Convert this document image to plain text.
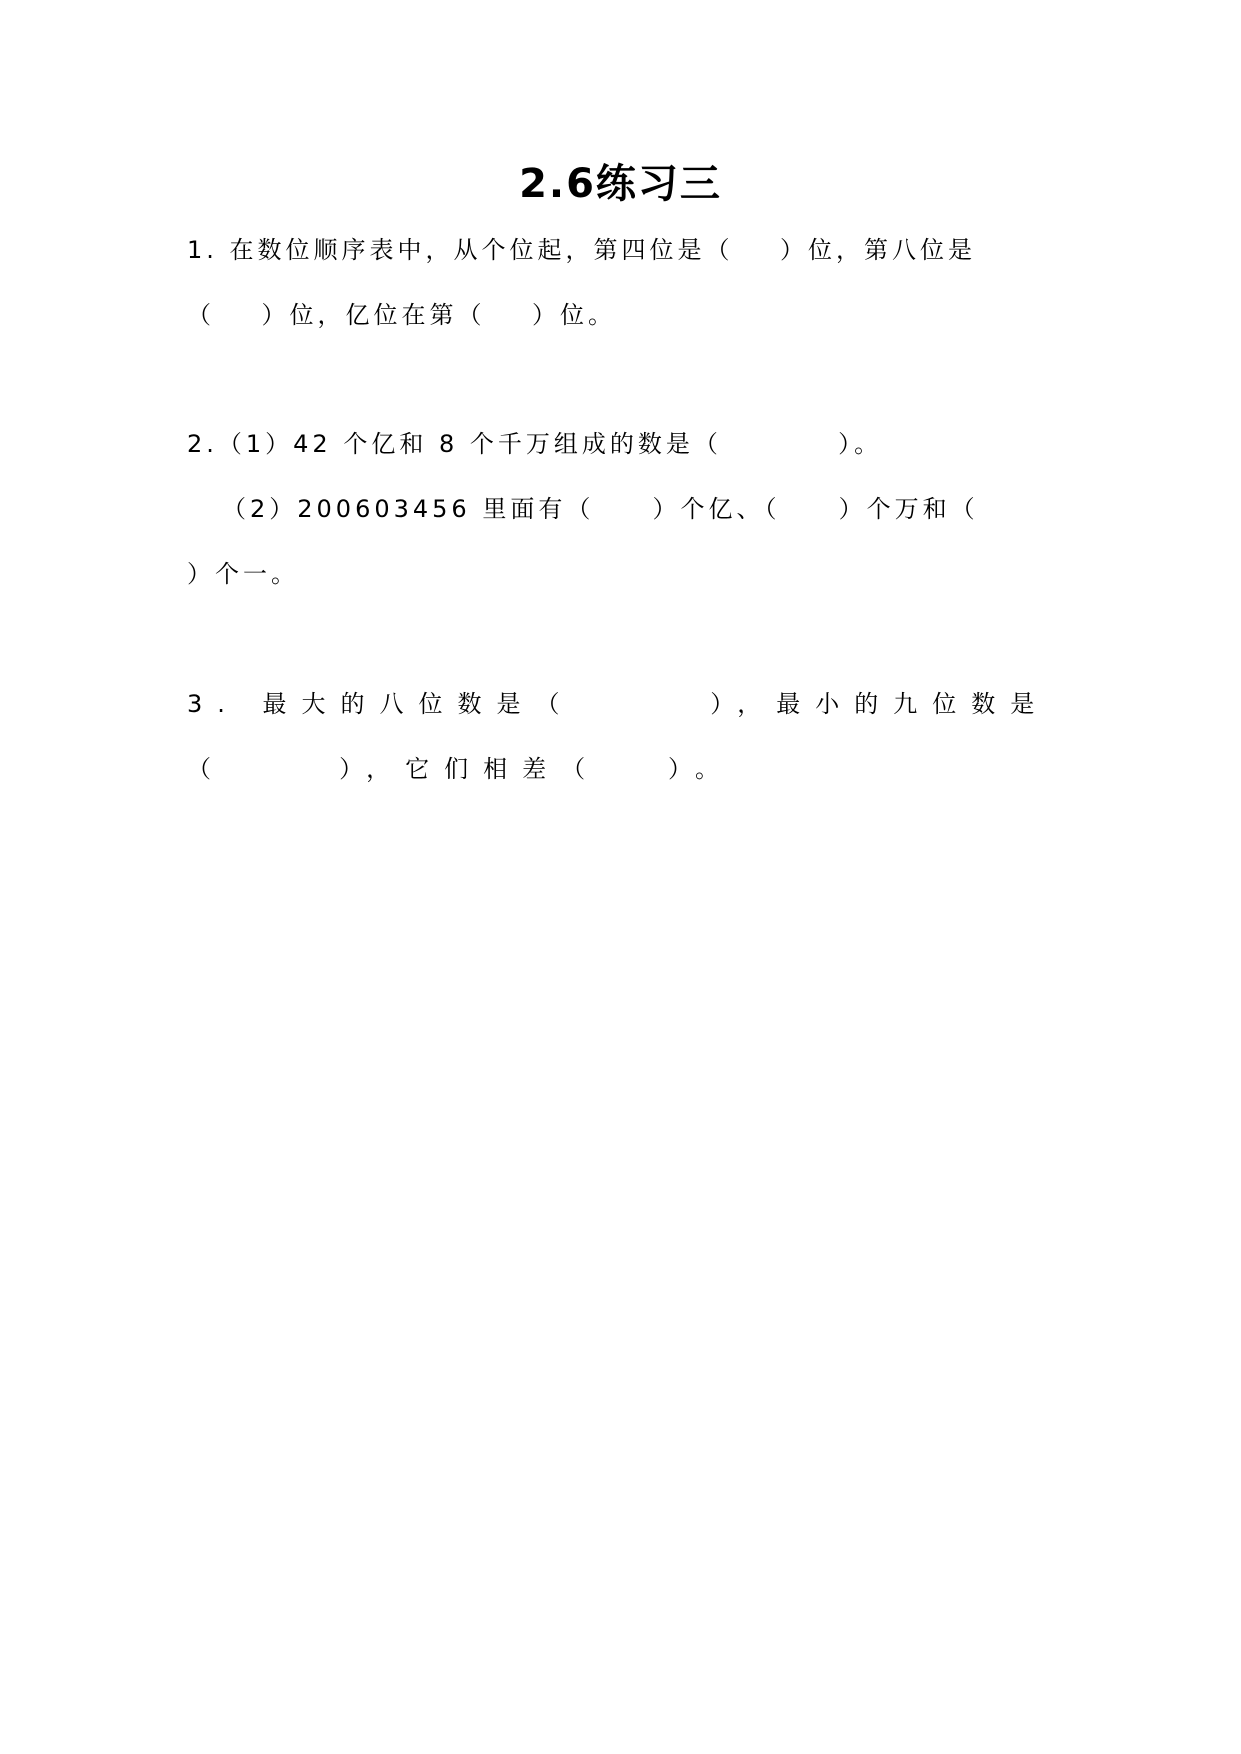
2.6练习三
1. 在数位顺序表中，从个位起，第四位是（    ）位，第八位是
（    ）位，亿位在第（    ）位。
2.（1）42 个亿和 8 个千万组成的数是（          ）。
（2）200603456 里面有（     ）个亿、（     ）个万和（
）个一。
3. 最大的八位数是（      ），最小的九位数是
（     ），它们相差（   ）。
